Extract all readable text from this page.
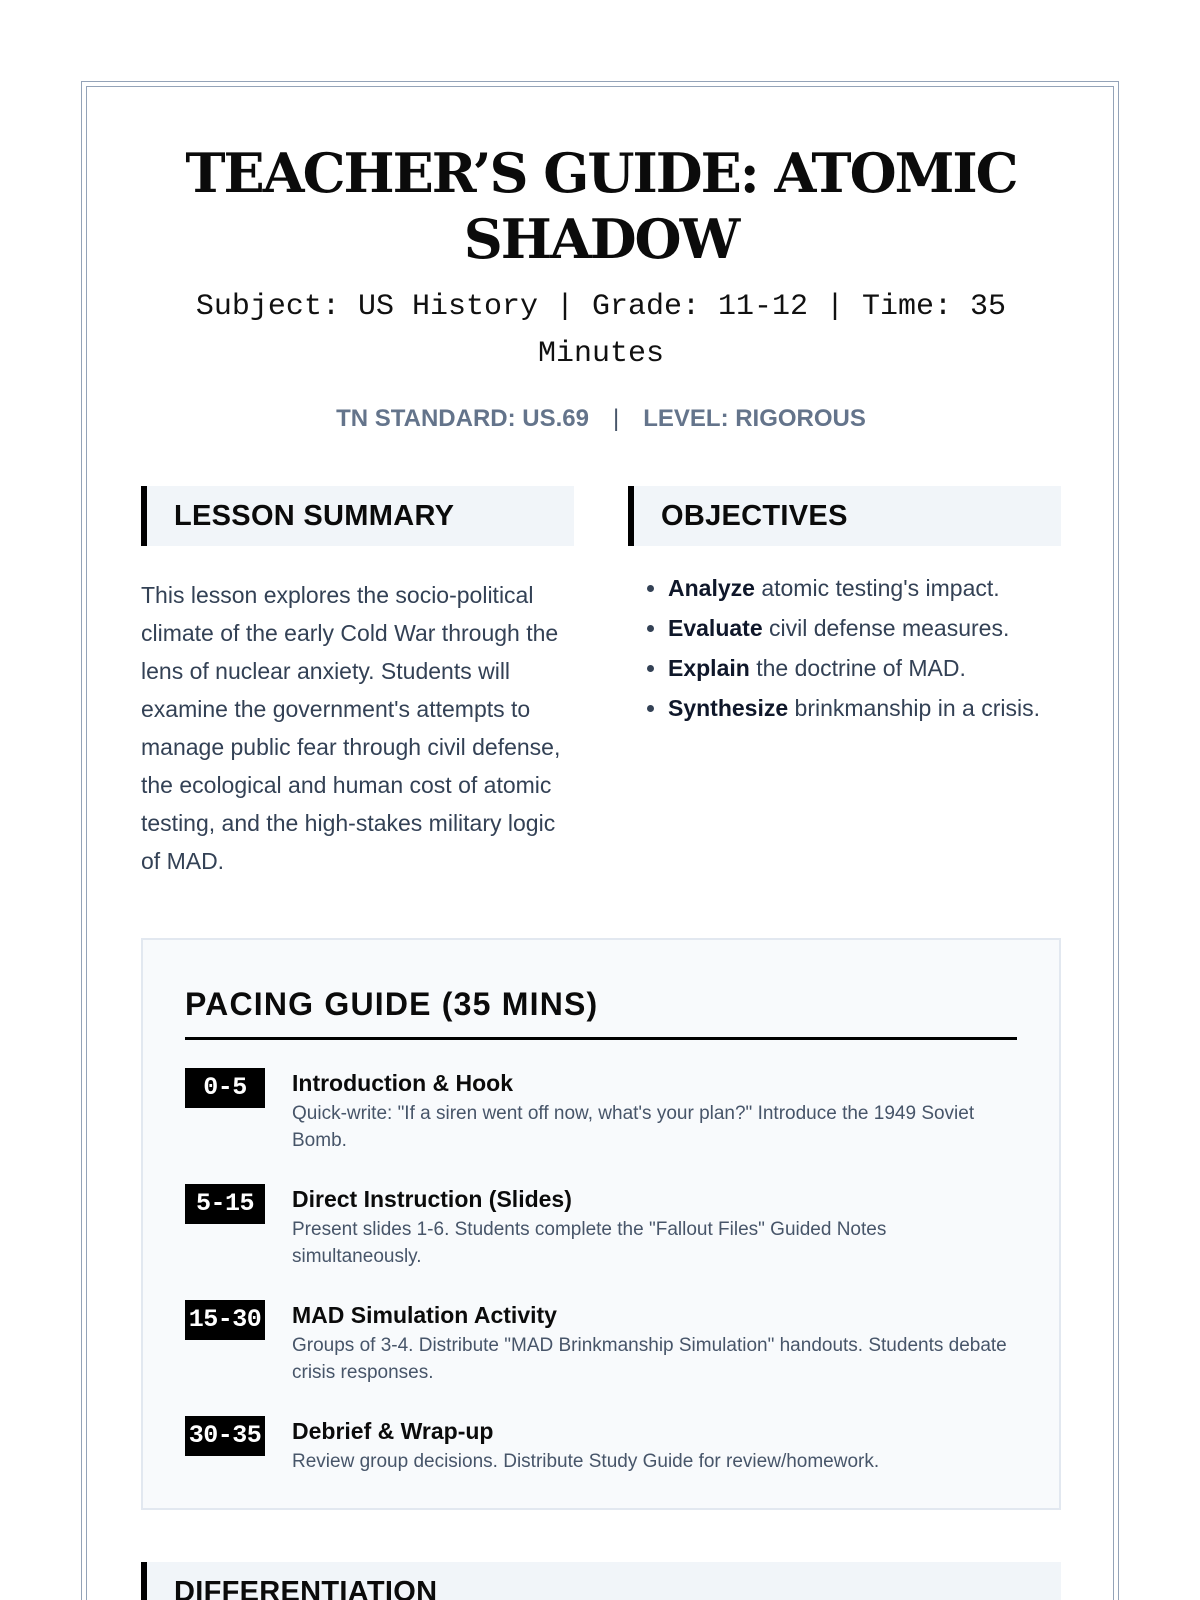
TEACHER’S GUIDE: ATOMIC SHADOW
Subject: US History | Grade: 11-12 | Time: 35 Minutes
TN STANDARD: US.69 | LEVEL: RIGOROUS
LESSON SUMMARY

This lesson explores the socio-political climate of the early Cold War through the lens of nuclear anxiety. Students will examine the government's attempts to manage public fear through civil defense, the ecological and human cost of atomic testing, and the high-stakes military logic of MAD.

OBJECTIVES
• Analyze atomic testing's impact.
• Evaluate civil defense measures.
• Explain the doctrine of MAD.
• Synthesize brinkmanship in a crisis.
PACING GUIDE (35 MINS)
0-5	Introduction & Hook
Quick-write: "If a siren went off now, what's your plan?" Introduce the 1949 Soviet Bomb.
5-15	Direct Instruction (Slides)
Present slides 1-6. Students complete the "Fallout Files" Guided Notes simultaneously.
15-30 MAD Simulation Activity
Groups of 3-4. Distribute "MAD Brinkmanship Simulation" handouts. Students debate crisis responses.
30-35 Debrief & Wrap-up
Review group decisions. Distribute Study Guide for review/homework.
DIFFERENTIATION
